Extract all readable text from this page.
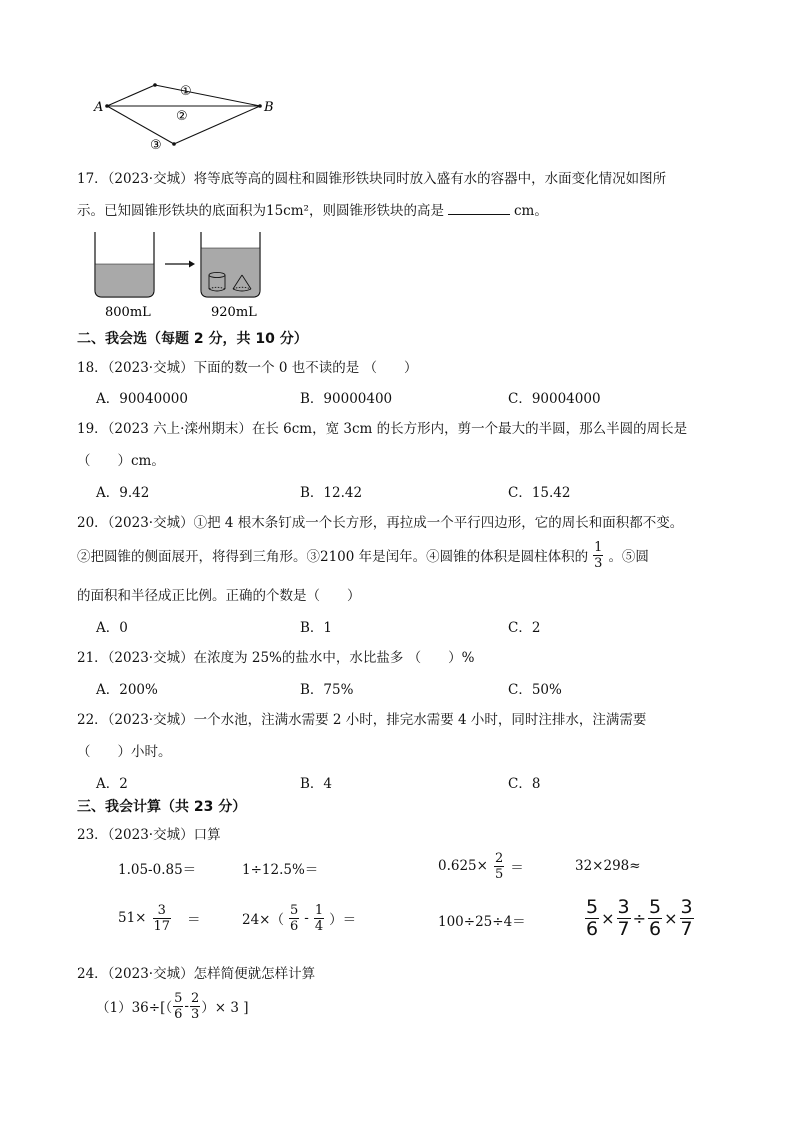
A	B
①
②
③
17．（2023·交城）将等底等高的圆柱和圆锥形铁块同时放入盛有水的容器中，水面变化情况如图所
示。已知圆锥形铁块的底面积为15cm²，则圆锥形铁块的高是	cm。
800mL	920mL
二、我会选（每题 2 分，共 10 分）
18．（2023·交城）下面的数一个 0 也不读的是 （　　）
A．90040000	B．90000400	C．90004000
19．（2023 六上·滦州期末）在长 6cm，宽 3cm 的长方形内，剪一个最大的半圆，那么半圆的周长是
（　　）cm。
A．9.42	B．12.42	C．15.42
20．（2023·交城）①把 4 根木条钉成一个长方形，再拉成一个平行四边形，它的周长和面积都不变。
②把圆锥的侧面展开，将得到三角形。③2100 年是闰年。④圆锥的体积是圆柱体积的 $\frac{1}{3}$ 。⑤圆
的面积和半径成正比例。正确的个数是（　　）
A．0	B．1	C．2
21．（2023·交城）在浓度为 25%的盐水中，水比盐多 （　　）%
A．200%	B．75%	C．50%
22．（2023·交城）一个水池，注满水需要 2 小时，排完水需要 4 小时，同时注排水，注满需要
（　　）小时。
A．2	B．4	C．8
三、我会计算（共 23 分）
23．（2023·交城）口算
1.05-0.85＝	1÷12.5%＝	$0.625\times \frac{2}{5}$ ＝	32×298≈
$51\times \frac{3}{17}$ ＝	$24\times( \frac{5}{6} - \frac{1}{4}$ ）＝	100÷25÷4＝	$\frac{5}{6} \times \frac{3}{7} \div \frac{5}{6} \times \frac{3}{7}$
24．（2023·交城）怎样简便就怎样计算
$(1)36\div[( \frac{5}{6} - \frac{2}{3}$ ）× 3 ]
